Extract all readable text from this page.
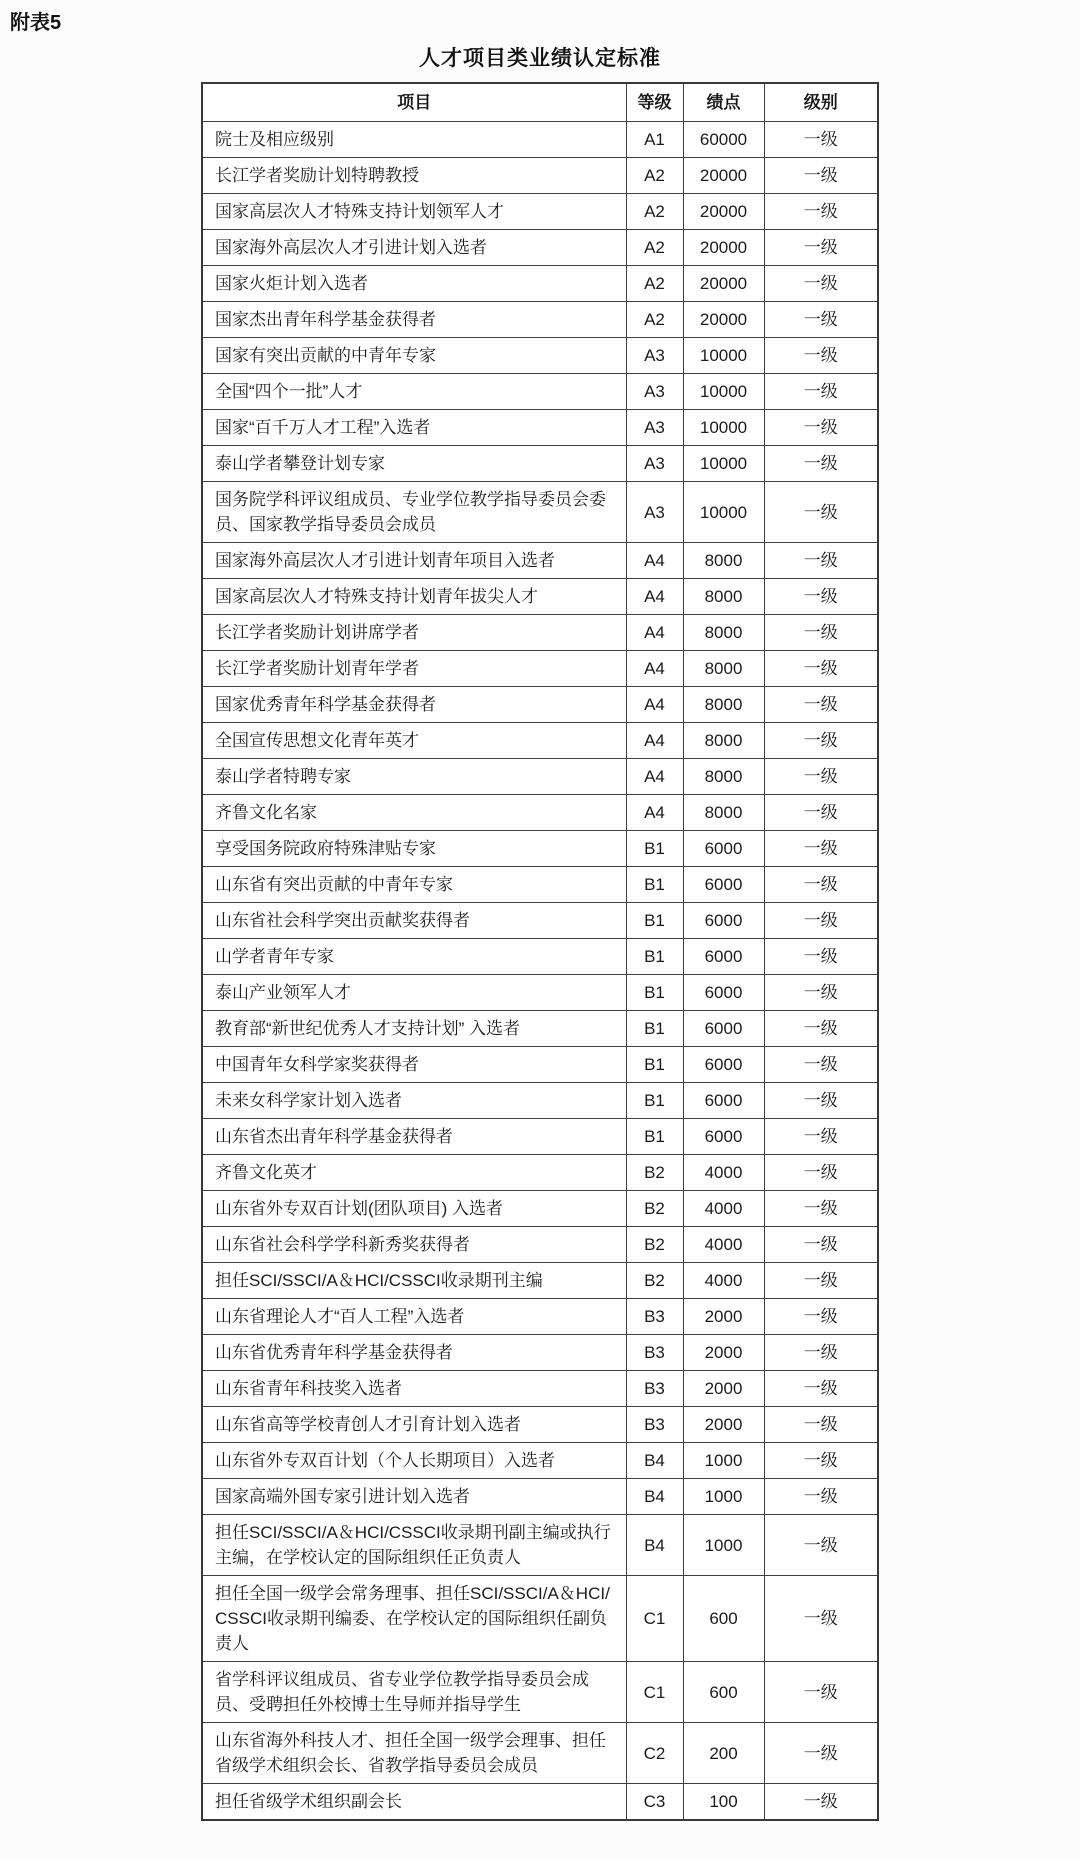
附表5
人才项目类业绩认定标准
项目	等级	绩点	级别
院士及相应级别	A1	60000	一级
长江学者奖励计划特聘教授	A2	20000	一级
国家高层次人才特殊支持计划领军人才	A2	20000	一级
国家海外高层次人才引进计划入选者	A2	20000	一级
国家火炬计划入选者	A2	20000	一级
国家杰出青年科学基金获得者	A2	20000	一级
国家有突出贡献的中青年专家	A3	10000	一级
全国“四个一批”人才	A3	10000	一级
国家“百千万人才工程”入选者	A3	10000	一级
泰山学者攀登计划专家	A3	10000	一级
国务院学科评议组成员、专业学位教学指导委员会委员、国家教学指导委员会成员	A3	10000	一级
国家海外高层次人才引进计划青年项目入选者	A4	8000	一级
国家高层次人才特殊支持计划青年拔尖人才	A4	8000	一级
长江学者奖励计划讲席学者	A4	8000	一级
长江学者奖励计划青年学者	A4	8000	一级
国家优秀青年科学基金获得者	A4	8000	一级
全国宣传思想文化青年英才	A4	8000	一级
泰山学者特聘专家	A4	8000	一级
齐鲁文化名家	A4	8000	一级
享受国务院政府特殊津贴专家	B1	6000	一级
山东省有突出贡献的中青年专家	B1	6000	一级
山东省社会科学突出贡献奖获得者	B1	6000	一级
山学者青年专家	B1	6000	一级
泰山产业领军人才	B1	6000	一级
教育部“新世纪优秀人才支持计划” 入选者	B1	6000	一级
中国青年女科学家奖获得者	B1	6000	一级
未来女科学家计划入选者	B1	6000	一级
山东省杰出青年科学基金获得者	B1	6000	一级
齐鲁文化英才	B2	4000	一级
山东省外专双百计划(团队项目) 入选者	B2	4000	一级
山东省社会科学学科新秀奖获得者	B2	4000	一级
担任SCI/SSCI/A＆HCI/CSSCI收录期刊主编	B2	4000	一级
山东省理论人才“百人工程”入选者	B3	2000	一级
山东省优秀青年科学基金获得者	B3	2000	一级
山东省青年科技奖入选者	B3	2000	一级
山东省高等学校青创人才引育计划入选者	B3	2000	一级
山东省外专双百计划（个人长期项目）入选者	B4	1000	一级
国家高端外国专家引进计划入选者	B4	1000	一级
担任SCI/SSCI/A＆HCI/CSSCI收录期刊副主编或执行主编，在学校认定的国际组织任正负责人	B4	1000	一级
担任全国一级学会常务理事、担任SCI/SSCI/A＆HCI/CSSCI收录期刊编委、在学校认定的国际组织任副负责人	C1	600	一级
省学科评议组成员、省专业学位教学指导委员会成员、受聘担任外校博士生导师并指导学生	C1	600	一级
山东省海外科技人才、担任全国一级学会理事、担任省级学术组织会长、省教学指导委员会成员	C2	200	一级
担任省级学术组织副会长	C3	100	一级
